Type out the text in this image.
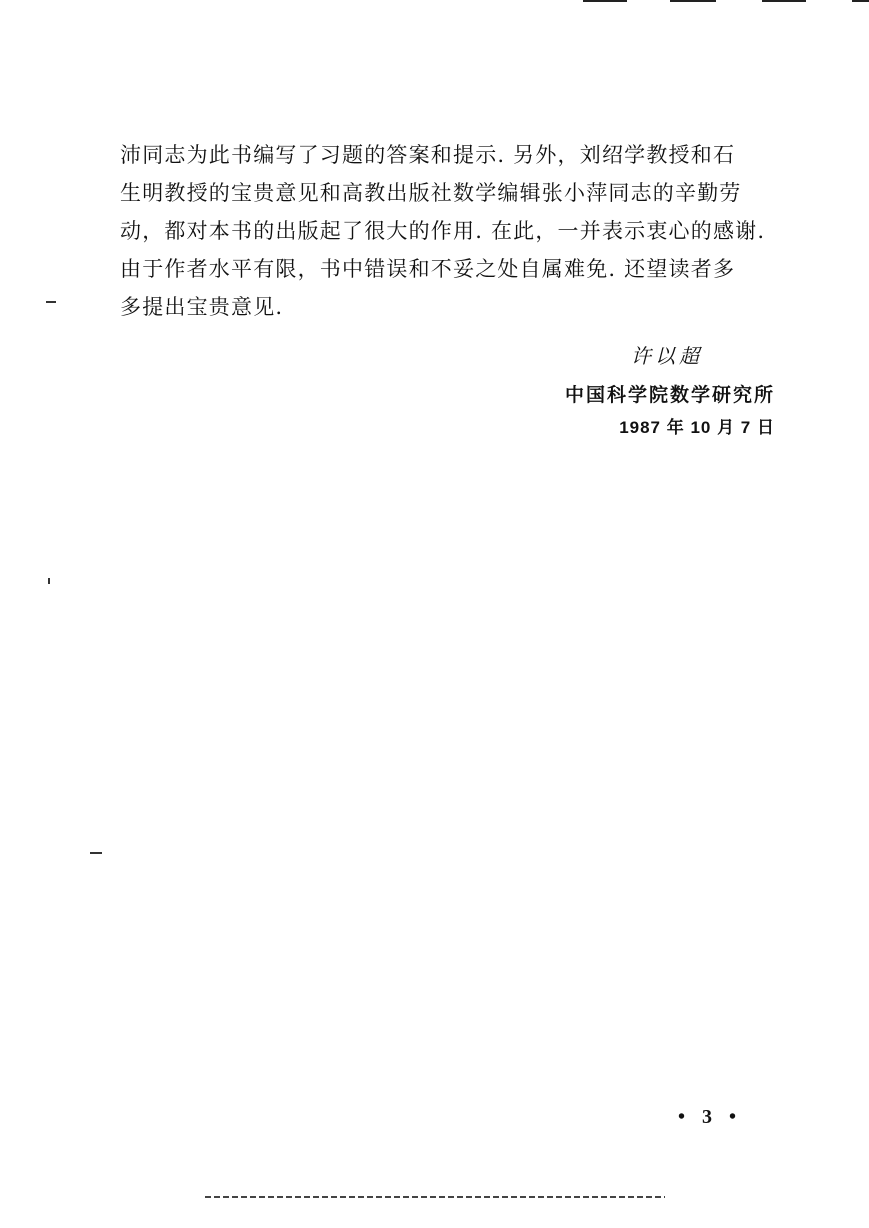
沛同志为此书编写了习题的答案和提示. 另外，刘绍学教授和石
生明教授的宝贵意见和高教出版社数学编辑张小萍同志的辛勤劳
动，都对本书的出版起了很大的作用. 在此，一并表示衷心的感谢.
由于作者水平有限，书中错误和不妥之处自属难免. 还望读者多
多提出宝贵意见.
许以超
中国科学院数学研究所
1987 年 10 月 7 日
• 3 •
